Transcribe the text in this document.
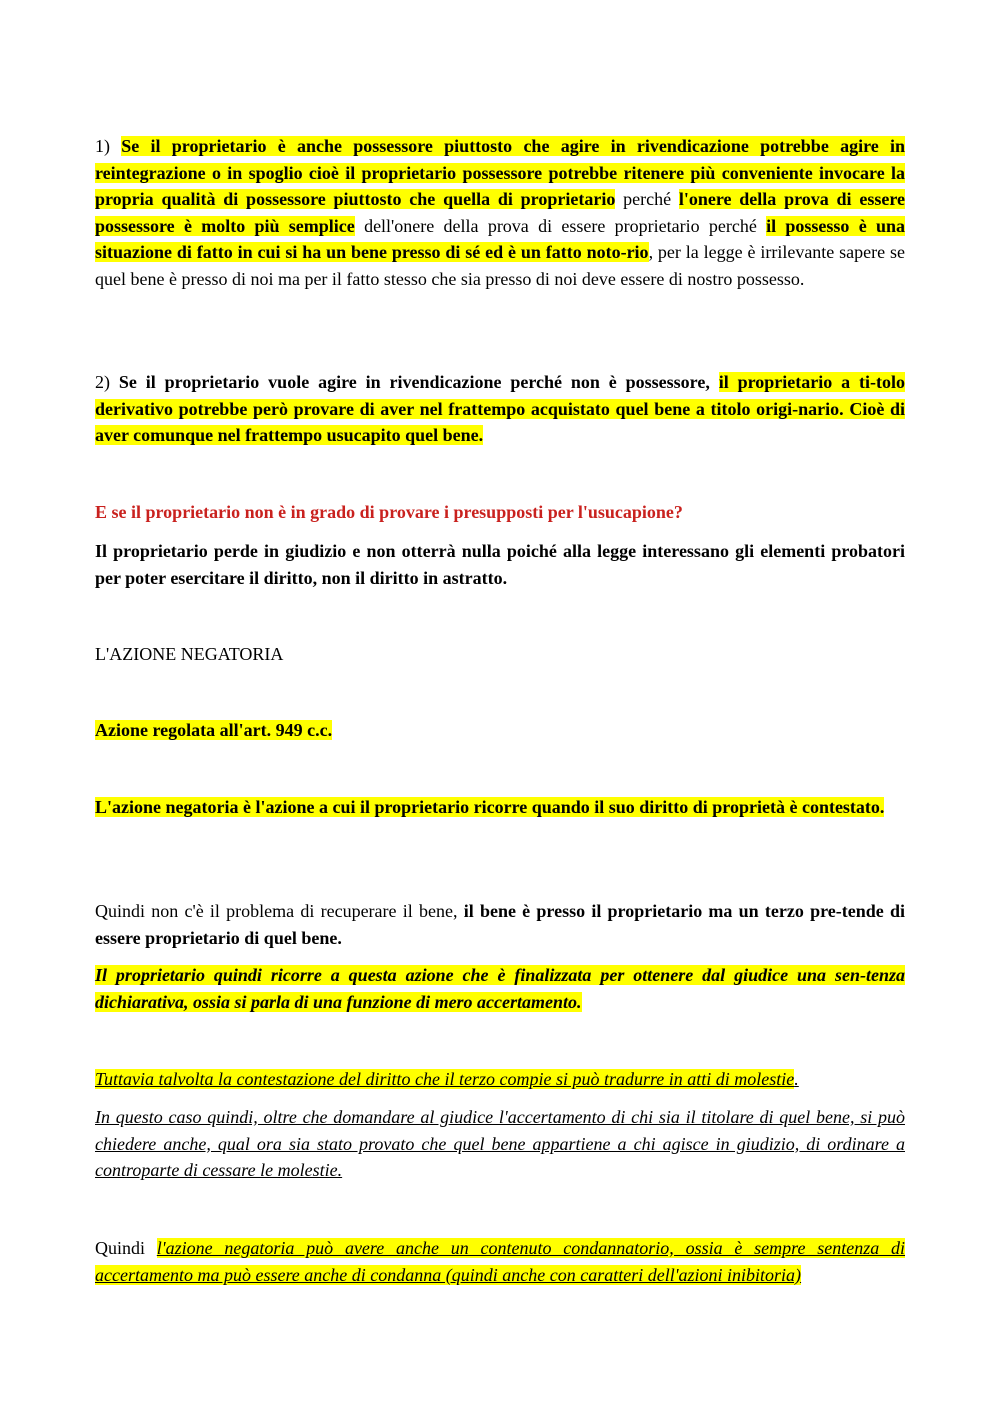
1) Se il proprietario è anche possessore piuttosto che agire in rivendicazione potrebbe agire in reintegrazione o in spoglio cioè il proprietario possessore potrebbe ritenere più conveniente invocare la propria qualità di possessore piuttosto che quella di proprietario perché l'onere della prova di essere possessore è molto più semplice dell'onere della prova di essere proprietario perché il possesso è una situazione di fatto in cui si ha un bene presso di sé ed è un fatto noto-rio, per la legge è irrilevante sapere se quel bene è presso di noi ma per il fatto stesso che sia presso di noi deve essere di nostro possesso.

2) Se il proprietario vuole agire in rivendicazione perché non è possessore, il proprietario a ti-tolo derivativo potrebbe però provare di aver nel frattempo acquistato quel bene a titolo origi-nario. Cioè di aver comunque nel frattempo usucapito quel bene.

E se il proprietario non è in grado di provare i presupposti per l'usucapione?

Il proprietario perde in giudizio e non otterrà nulla poiché alla legge interessano gli elementi probatori per poter esercitare il diritto, non il diritto in astratto.

L'AZIONE NEGATORIA

Azione regolata all'art. 949 c.c.

L'azione negatoria è l'azione a cui il proprietario ricorre quando il suo diritto di proprietà è contestato.

Quindi non c'è il problema di recuperare il bene, il bene è presso il proprietario ma un terzo pre-tende di essere proprietario di quel bene.

Il proprietario quindi ricorre a questa azione che è finalizzata per ottenere dal giudice una sen-tenza dichiarativa, ossia si parla di una funzione di mero accertamento.

Tuttavia talvolta la contestazione del diritto che il terzo compie si può tradurre in atti di molestie.

In questo caso quindi, oltre che domandare al giudice l'accertamento di chi sia il titolare di quel bene, si può chiedere anche, qual ora sia stato provato che quel bene appartiene a chi agisce in giudizio, di ordinare a controparte di cessare le molestie.

Quindi l'azione negatoria può avere anche un contenuto condannatorio, ossia è sempre sentenza di accertamento ma può essere anche di condanna (quindi anche con caratteri dell'azioni inibitoria)
